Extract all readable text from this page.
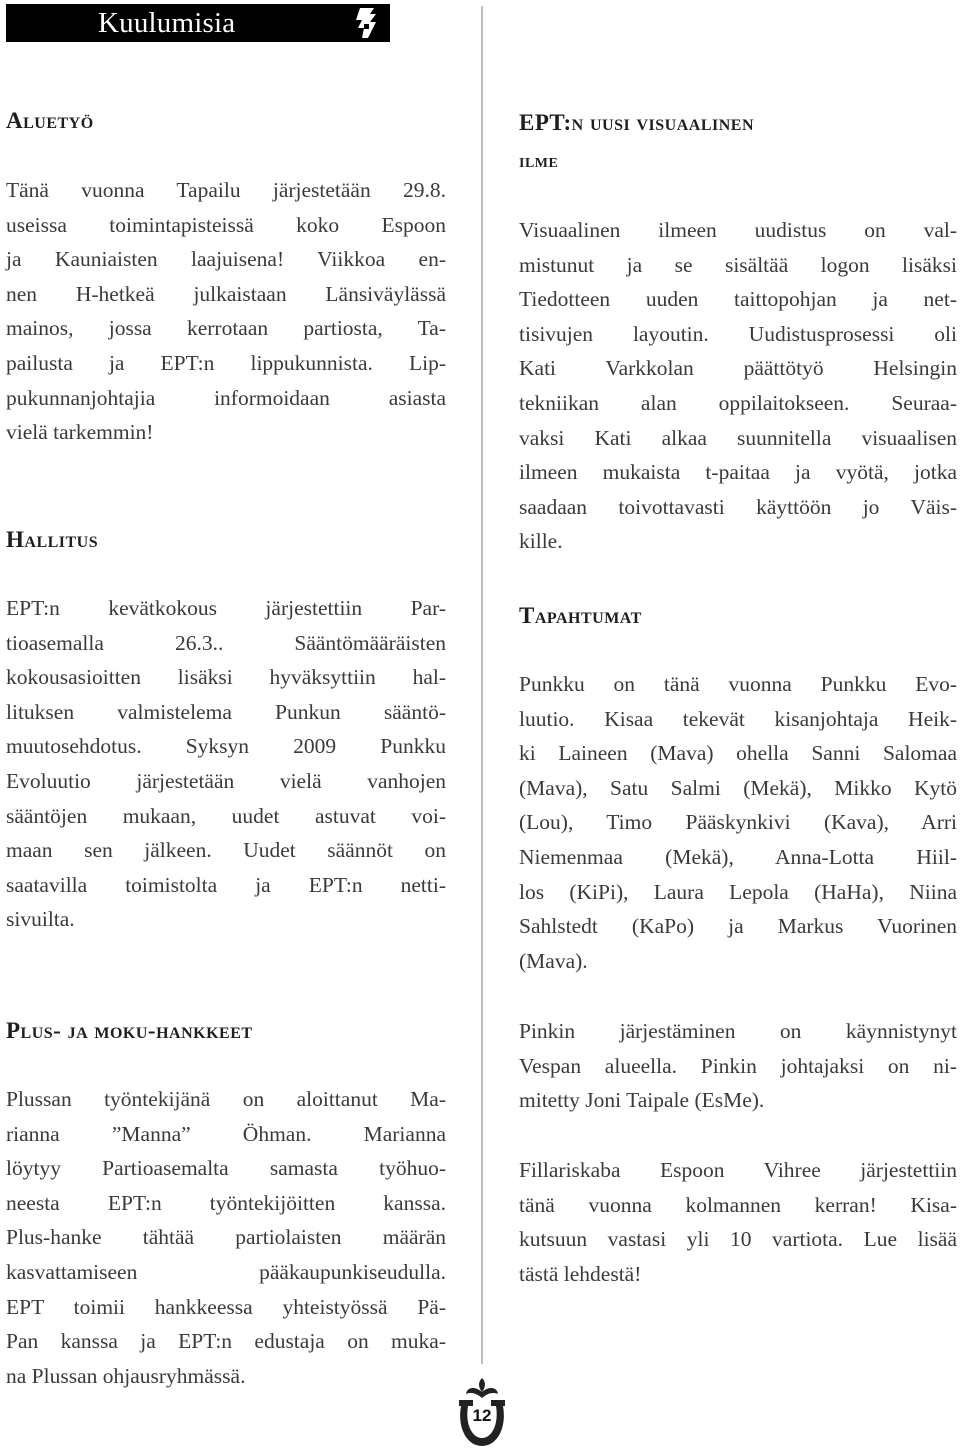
Kuulumisia
Aluetyö
Tänä vuonna Tapailu järjestetään 29.8.
useissa toimintapisteissä koko Espoon
ja Kauniaisten laajuisena! Viikkoa en-
nen H-hetkeä julkaistaan Länsiväylässä
mainos, jossa kerrotaan partiosta, Ta-
pailusta ja EPT:n lippukunnista. Lip-
pukunnanjohtajia informoidaan asiasta
vielä tarkemmin!
Hallitus
EPT:n kevätkokous järjestettiin Par-
tioasemalla 26.3.. Sääntömääräisten
kokousasioitten lisäksi hyväksyttiin hal-
lituksen valmistelema Punkun sääntö-
muutosehdotus. Syksyn 2009 Punkku
Evoluutio järjestetään vielä vanhojen
sääntöjen mukaan, uudet astuvat voi-
maan sen jälkeen. Uudet säännöt on
saatavilla toimistolta ja EPT:n netti-
sivuilta.
Plus- ja moku-hankkeet
Plussan työntekijänä on aloittanut Ma-
rianna ”Manna” Öhman. Marianna
löytyy Partioasemalta samasta työhuo-
neesta EPT:n työntekijöitten kanssa.
Plus-hanke tähtää partiolaisten määrän
kasvattamiseen pääkaupunkiseudulla.
EPT toimii hankkeessa yhteistyössä Pä-
Pan kanssa ja EPT:n edustaja on muka-
na Plussan ohjausryhmässä.
EPT:n uusi visuaalinen
ilme
Visuaalinen ilmeen uudistus on val-
mistunut ja se sisältää logon lisäksi
Tiedotteen uuden taittopohjan ja net-
tisivujen layoutin. Uudistusprosessi oli
Kati Varkkolan päättötyö Helsingin
tekniikan alan oppilaitokseen. Seuraa-
vaksi Kati alkaa suunnitella visuaalisen
ilmeen mukaista t-paitaa ja vyötä, jotka
saadaan toivottavasti käyttöön jo Väis-
kille.
Tapahtumat
Punkku on tänä vuonna Punkku Evo-
luutio. Kisaa tekevät kisanjohtaja Heik-
ki Laineen (Mava) ohella Sanni Salomaa
(Mava), Satu Salmi (Mekä), Mikko Kytö
(Lou), Timo Pääskynkivi (Kava), Arri
Niemenmaa (Mekä), Anna-Lotta Hiil-
los (KiPi), Laura Lepola (HaHa), Niina
Sahlstedt (KaPo) ja Markus Vuorinen
(Mava).
Pinkin järjestäminen on käynnistynyt
Vespan alueella. Pinkin johtajaksi on ni-
mitetty Joni Taipale (EsMe).
Fillariskaba Espoon Vihree järjestettiin
tänä vuonna kolmannen kerran! Kisa-
kutsuun vastasi yli 10 vartiota. Lue lisää
tästä lehdestä!
12
